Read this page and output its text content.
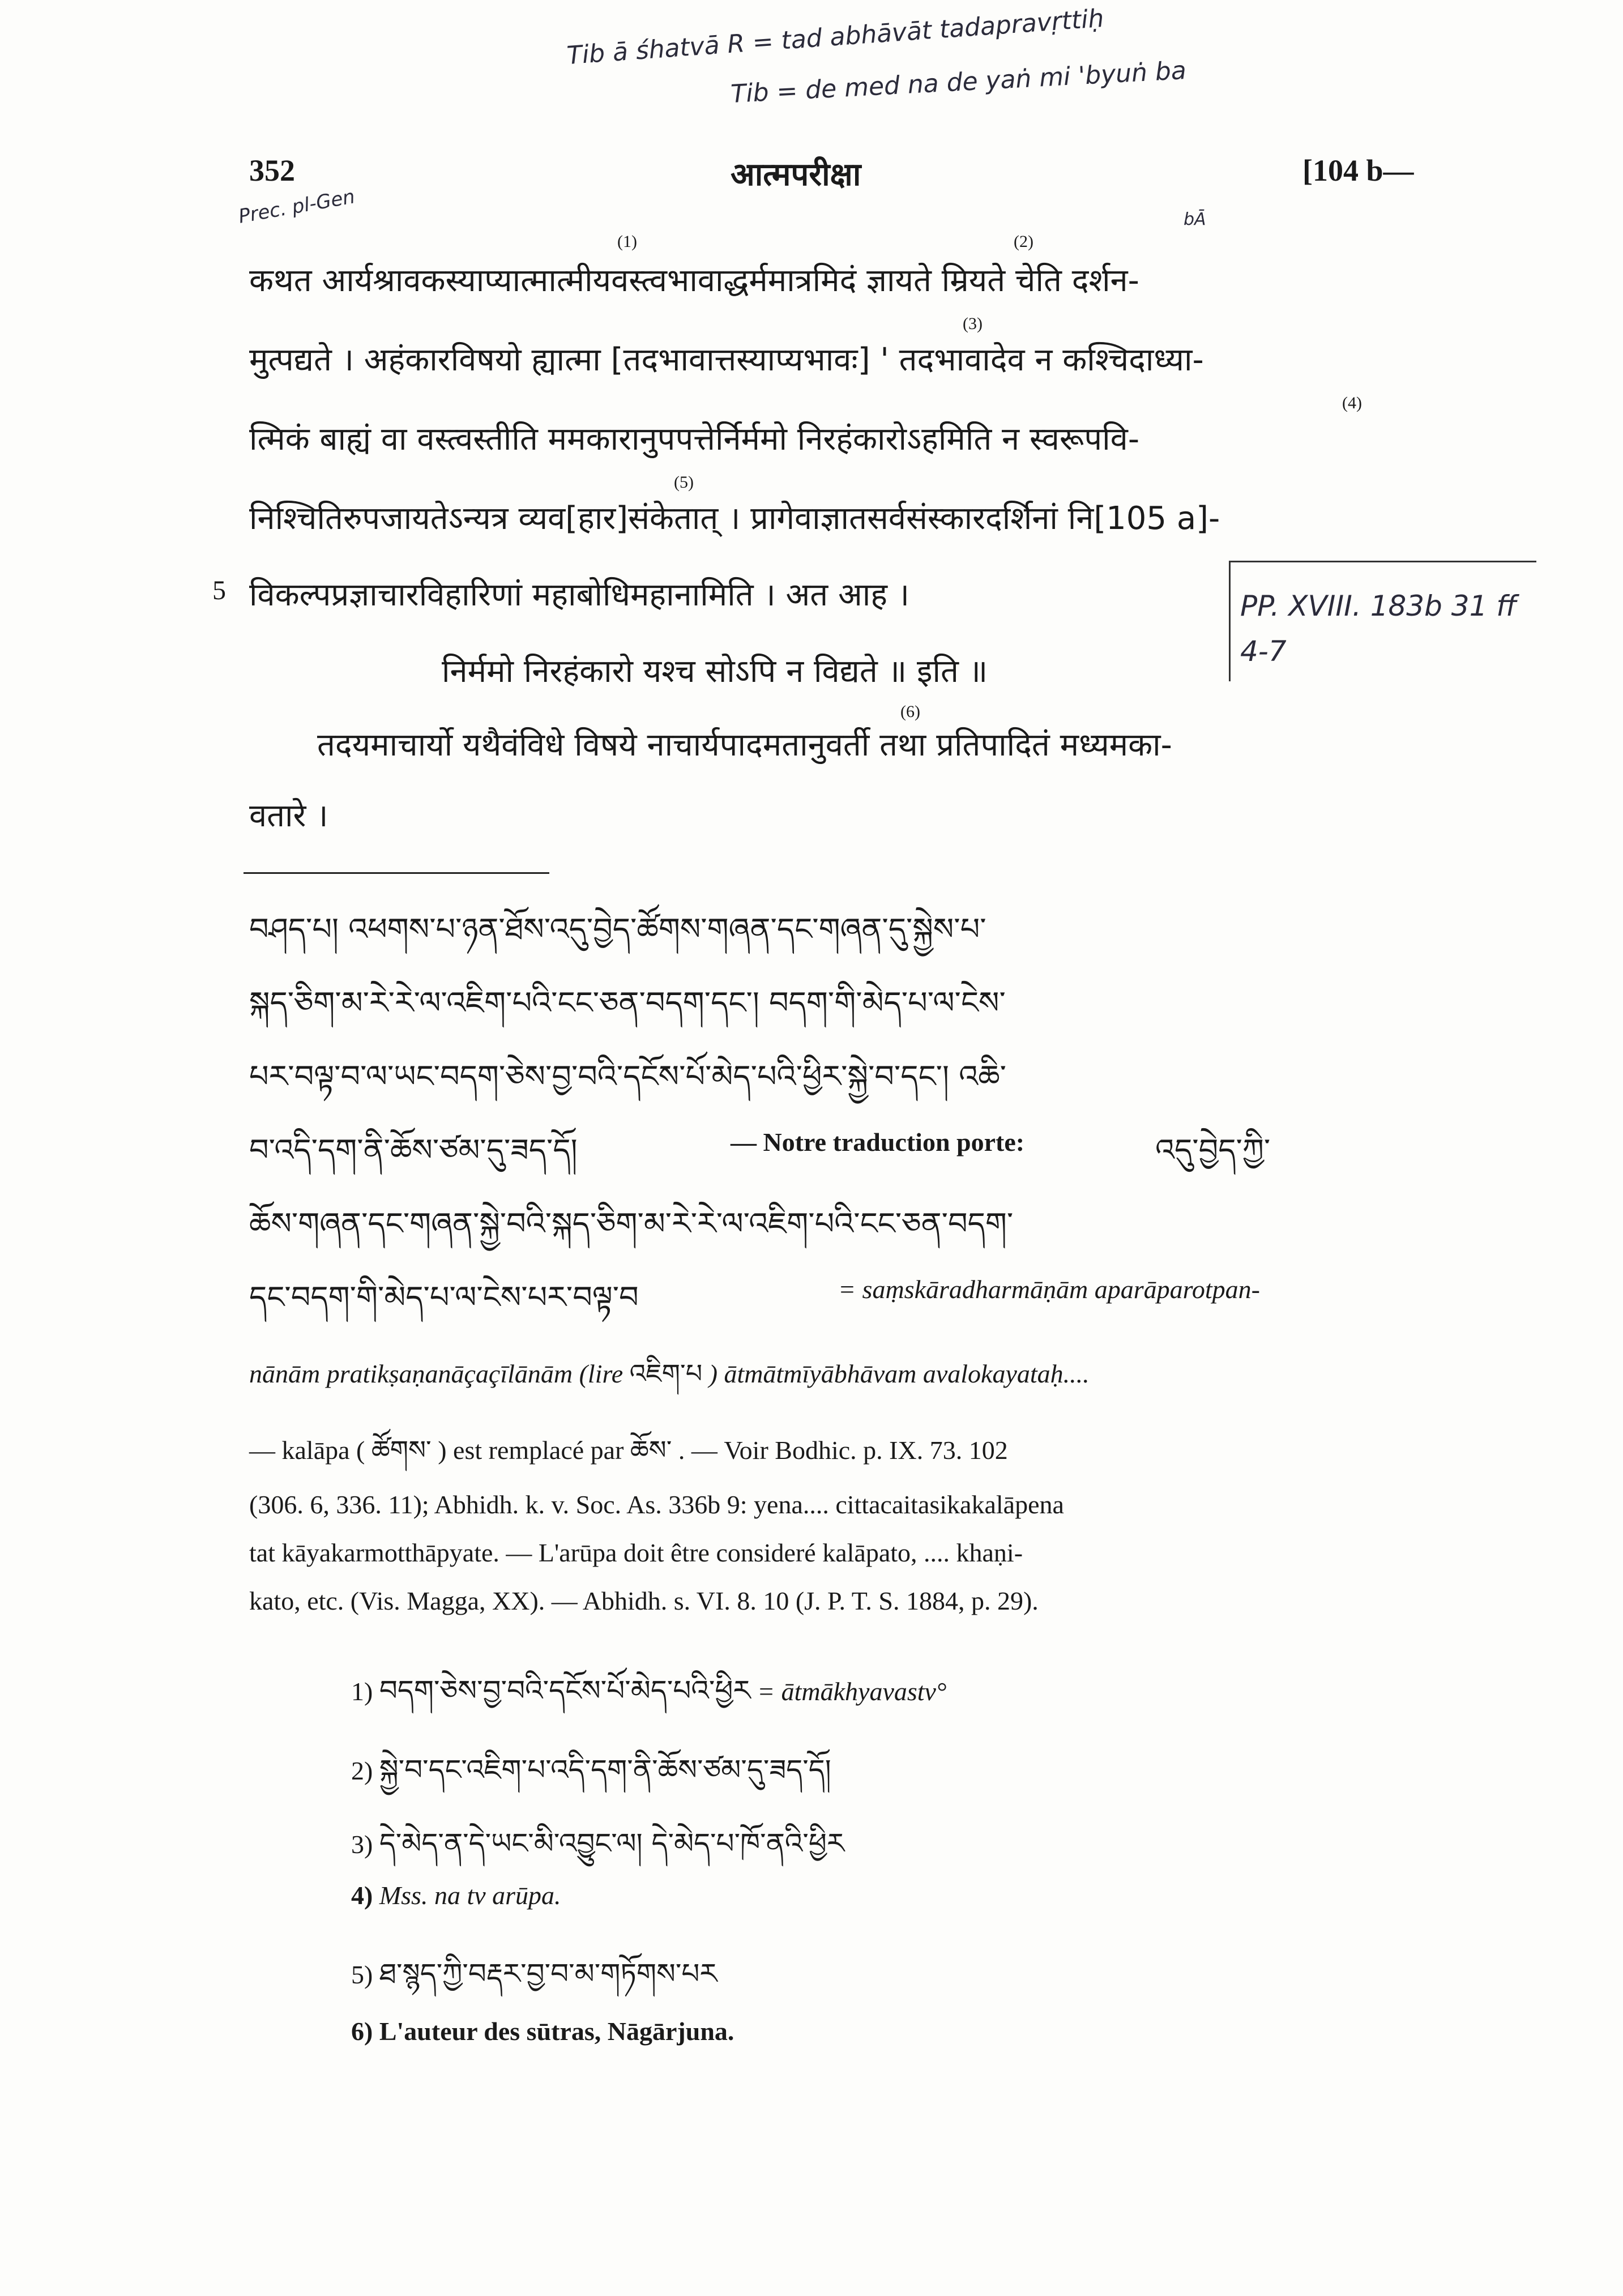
Tib ā śhatvā R = tad abhāvāt tadapravṛttiḥ
Tib = de med na de yaṅ mi 'byuṅ ba
Prec. pl-Gen	bĀ
352	आत्मपरीक्षा	[104 b—
कथत आर्यश्रावकस्याप्यात्मात्मीयवस्त्वभावाद्धर्ममात्रमिदं ज्ञायते म्रियते चेति दर्शन-
मुत्पद्यते । अहंकारविषयो ह्यात्मा [तदभावात्तस्याप्यभावः] ' तदभावादेव न कश्चिदाध्या-
त्मिकं बाह्यं वा वस्त्वस्तीति ममकारानुपपत्तेर्निर्ममो निरहंकारोऽहमिति न स्वरूपवि-
निश्चितिरुपजायतेऽन्यत्र व्यव[हार]संकेतात् । प्रागेवाज्ञातसर्वसंस्कारदर्शिनां नि[105 a]-
5 विकल्पप्रज्ञाचारविहारिणां महाबोधिमहानामिति । अत आह ।
निर्ममो निरहंकारो यश्च सोऽपि न विद्यते ॥ इति ॥
तदयमाचार्यो यथैवंविधे विषये नाचार्यपादमतानुवर्ती तथा प्रतिपादितं मध्यमका-
वतारे ।
(1)	(2)
(3)
(4)
(5)
(6)
PP. XVIII. 183b 31 ff 4-7
བཤད་པ། འཕགས་པ་ཉན་ཐོས་འདུ་བྱེད་ཚོགས་གཞན་དང་གཞན་དུ་སྐྱེས་པ་
སྐད་ཅིག་མ་རེ་རེ་ལ་འཇིག་པའི་ངང་ཅན་བདག་དང་། བདག་གི་མེད་པ་ལ་ངེས་
པར་བལྟ་བ་ལ་ཡང་བདག་ཅེས་བྱ་བའི་དངོས་པོ་མེད་པའི་ཕྱིར་སྐྱེ་བ་དང་། འཆི་
བ་འདི་དག་ནི་ཆོས་ཙམ་དུ་ཟད་དོ།	— Notre traduction porte:	འདུ་བྱེད་ཀྱི་
ཆོས་གཞན་དང་གཞན་སྐྱེ་བའི་སྐད་ཅིག་མ་རེ་རེ་ལ་འཇིག་པའི་ངང་ཅན་བདག་
དང་བདག་གི་མེད་པ་ལ་ངེས་པར་བལྟ་བ	= saṃskāradharmāṇām aparāparotpan-
nānām pratikṣaṇanāçaçīlānām (lire འཇིག་པ ) ātmātmīyābhāvam avalokayataḥ....
— kalāpa ( ཚོགས་ ) est remplacé par ཆོས་ . — Voir Bodhic. p. IX. 73. 102
(306. 6, 336. 11); Abhidh. k. v. Soc. As. 336b 9: yena.... cittacaitasikakalāpena
tat kāyakarmotthāpyate. — L'arūpa doit être consideré kalāpato, .... khaṇi-
kato, etc. (Vis. Magga, XX). — Abhidh. s. VI. 8. 10 (J. P. T. S. 1884, p. 29).
1) བདག་ཅེས་བྱ་བའི་དངོས་པོ་མེད་པའི་ཕྱིར = ātmākhyavastv°
2) སྐྱེ་བ་དང་འཇིག་པ་འདི་དག་ནི་ཆོས་ཙམ་དུ་ཟད་དོ།
3) དེ་མེད་ན་དེ་ཡང་མི་འབྱུང་ལ། དེ་མེད་པ་ཁོ་ནའི་ཕྱིར
4) Mss. na tv arūpa.
5) ཐ་སྙད་ཀྱི་བརྡར་བྱ་བ་མ་གཏོགས་པར
6) L'auteur des sūtras, Nāgārjuna.
